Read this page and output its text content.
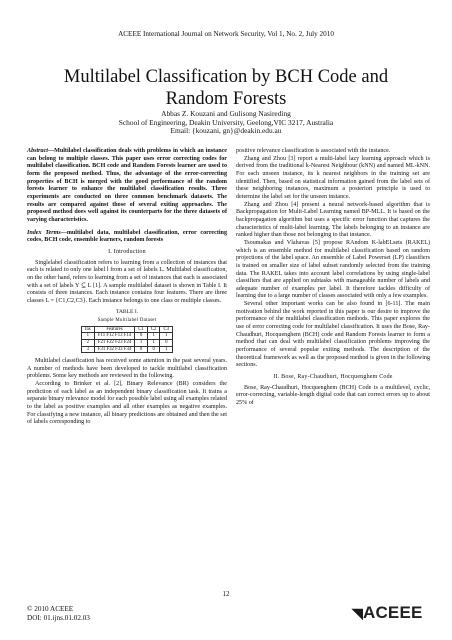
ACEEE International Journal on Network Security, Vol 1, No. 2, July 2010
Multilabel Classification by BCH Code and
Random Forests
Abbas Z. Kouzani and Gulisong Nasireding
School of Engineering, Deakin University, Geelong,VIC 3217, Australia
Email: {kouzani, gn}@deakin.edu.au

Abstract—Multilabel classification deals with problems in which an instance can belong to multiple classes. This paper uses error correcting codes for multilabel classification. BCH code and Random Forests learner are used to form the proposed method. Thus, the advantage of the error-correcting properties of BCH is merged with the good performance of the random forests learner to enhance the multilabel classification results. Three experiments are conducted on three common benchmark datasets. The results are compared against those of several exiting approaches. The proposed method does well against its counterparts for the three datasets of varying characteristics.

Index Terms—multilabel data, multilabel classification, error correcting codes, BCH code, ensemble learners, random forests

I. Introduction

Singlelabel classification refers to learning from a collection of instances that each is related to only one label l from a set of labels L. Multilabel classification, on the other hand, refers to learning from a set of instances that each is associated with a set of labels Y ⊆ L [1]. A sample multilabel dataset is shown in Table I. It consists of three instances. Each instance contains four features. There are three classes L = {C1,C2,C3}. Each instance belongs to one class or multiple classes.

TABLE I.
Sample Multilabel Dataset
Ins	Features	C1	C2	C3
1	F11 F12 F13 F14	0	1	1
2	F21 F22 F23 F24	1	1	0
3	F31 F32 F33 F34	0	0	1

Multilabel classification has received some attention in the past several years. A number of methods have been developed to tackle multilabel classification problems. Some key methods are reviewed in the following.

According to Brinker et al. [2], Binary Relevance (BR) considers the prediction of each label as an independent binary classification task. It trains a separate binary relevance model for each possible label using all examples related to the label as positive examples and all other examples as negative examples. For classifying a new instance, all binary predictions are obtained and then the set of labels corresponding to

positive relevance classification is associated with the instance.

Zhang and Zhou [3] report a multi-label lazy learning approach which is derived from the traditional k-Nearest Neighbour (kNN) and named ML-kNN. For each unseen instance, its k nearest neighbors in the training set are identified. Then, based on statistical information gained from the label sets of these neighboring instances, maximum a posteriori principle is used to determine the label set for the unseen instance.

Zhang and Zhou [4] present a neural network-based algorithm that is Backpropagation for Multi-Label Learning named BP-MLL. It is based on the backpropagation algorithm but uses a specific error function that captures the characteristics of multi-label learning. The labels belonging to an instance are ranked higher than those not belonging to that instance.

Tsoumakas and Vlahavas [5] propose RAndom K-labELsets (RAKEL) which is an ensemble method for multilabel classification based on random projections of the label space. An ensemble of Label Powerset (LP) classifiers is trained on smaller size of label subset randomly selected from the training data. The RAKEL takes into account label correlations by using single-label classifiers that are applied on subtasks with manageable number of labels and adequate number of examples per label. It therefore tackles difficulty of learning due to a large number of classes associated with only a few examples.

Several other important works can be also found in [6-11]. The main motivation behind the work reported in this paper is our desire to improve the performance of the multilabel classification methods. This paper explores the use of error correcting code for multilabel classification. It uses the Bose, Ray-Chaudhuri, Hocquenghem (BCH) code and Random Forests learner to form a method that can deal with multilabel classification problems improving the performance of several popular exiting methods. The description of the theoretical framework as well as the proposed method is given in the following sections.

II. Bose, Ray-Chaudhuri, Hocquenghem Code

Bose, Ray-Chaudhuri, Hocquenghem (BCH) Code is a multilevel, cyclic, error-correcting, variable-length digital code that can correct errors up to about 25% of

12
© 2010 ACEEE
DOI: 01.ijns.01.02.03	◥ACEEE
